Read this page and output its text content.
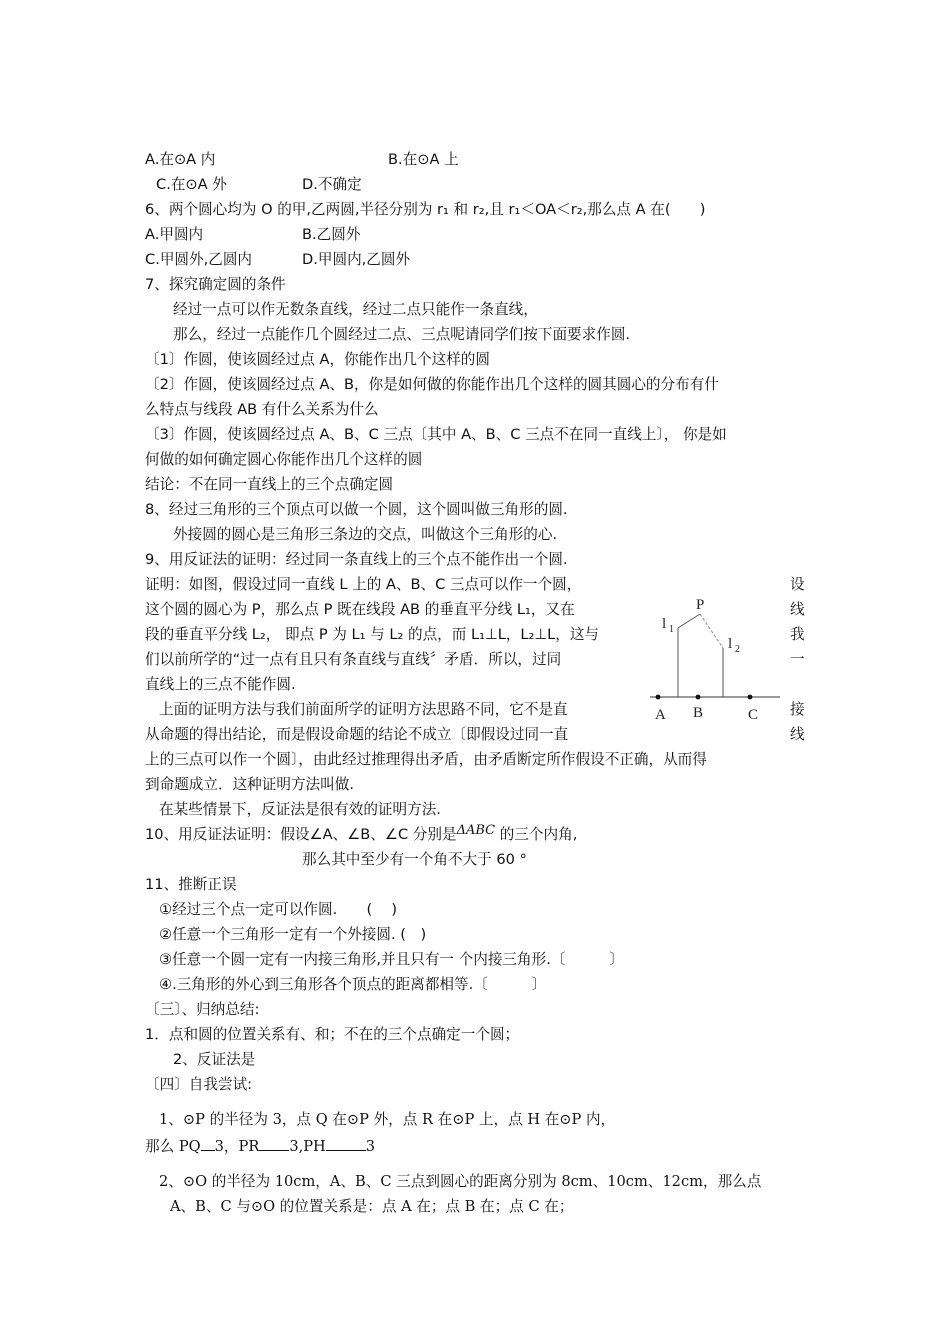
A.在⊙A 内	B.在⊙A 上
C.在⊙A 外	D.不确定
6、两个圆心均为 O 的甲,乙两圆,半径分别为 r₁ 和 r₂,且 r₁＜OA＜r₂,那么点 A 在(　　)
A.甲圆内	B.乙圆外
C.甲圆外,乙圆内	D.甲圆内,乙圆外
7、探究确定圆的条件
经过一点可以作无数条直线，经过二点只能作一条直线，
那么，经过一点能作几个圆经过二点、三点呢请同学们按下面要求作圆.
〔1〕作圆，使该圆经过点 A，你能作出几个这样的圆
〔2〕作圆，使该圆经过点 A、B，你是如何做的你能作出几个这样的圆其圆心的分布有什
么特点与线段 AB 有什么关系为什么
〔3〕作圆，使该圆经过点 A、B、C 三点〔其中 A、B、C 三点不在同一直线上〕， 你是如
何做的如何确定圆心你能作出几个这样的圆
结论：不在同一直线上的三个点确定圆
8、经过三角形的三个顶点可以做一个圆，这个圆叫做三角形的圆.
外接圆的圆心是三角形三条边的交点，叫做这个三角形的心.
9、用反证法的证明：经过同一条直线上的三个点不能作出一个圆.
证明：如图，假设过同一直线 L 上的 A、B、C 三点可以作一个圆，	设
这个圆的圆心为 P，那么点 P 既在线段 AB 的垂直平分线 L₁，又在	线
段的垂直平分线 L₂， 即点 P 为 L₁ 与 L₂ 的点，而 L₁⊥L，L₂⊥L，这与	我
们以前所学的“过一点有且只有条直线与直线〞矛盾．所以，过同	一
直线上的三点不能作圆.
上面的证明方法与我们前面所学的证明方法思路不同，它不是直	接
从命题的得出结论，而是假设命题的结论不成立〔即假设过同一直	线
上的三点可以作一个圆〕，由此经过推理得出矛盾，由矛盾断定所作假设不正确，从而得
到命题成立．这种证明方法叫做.
在某些情景下，反证法是很有效的证明方法.
P
l 1
l 2
A B	C
10、用反证法证明：假设∠A、∠B、∠C 分别是ΔABC 的三个内角,
那么其中至少有一个角不大于 60 °
11、推断正误
①经过三个点一定可以作圆.　　(　 )
②任意一个三角形一定有一个外接圆. (　)
③任意一个圆一定有一内接三角形,并且只有一 个内接三角形.〔　　　〕
④.三角形的外心到三角形各个顶点的距离都相等.〔　　　〕
〔三〕、归纳总结:
1．点和圆的位置关系有、和；不在的三个点确定一个圆；
2、反证法是
〔四〕自我尝试:
1、⊙P 的半径为 3，点 Q 在⊙P 外，点 R 在⊙P 上，点 H 在⊙P 内，
那么 PQ 3，PR 3,PH	3
2、⊙O 的半径为 10cm，A、B、C 三点到圆心的距离分别为 8cm、10cm、12cm，那么点
A、B、C 与⊙O 的位置关系是：点 A 在；点 B 在；点 C 在；
